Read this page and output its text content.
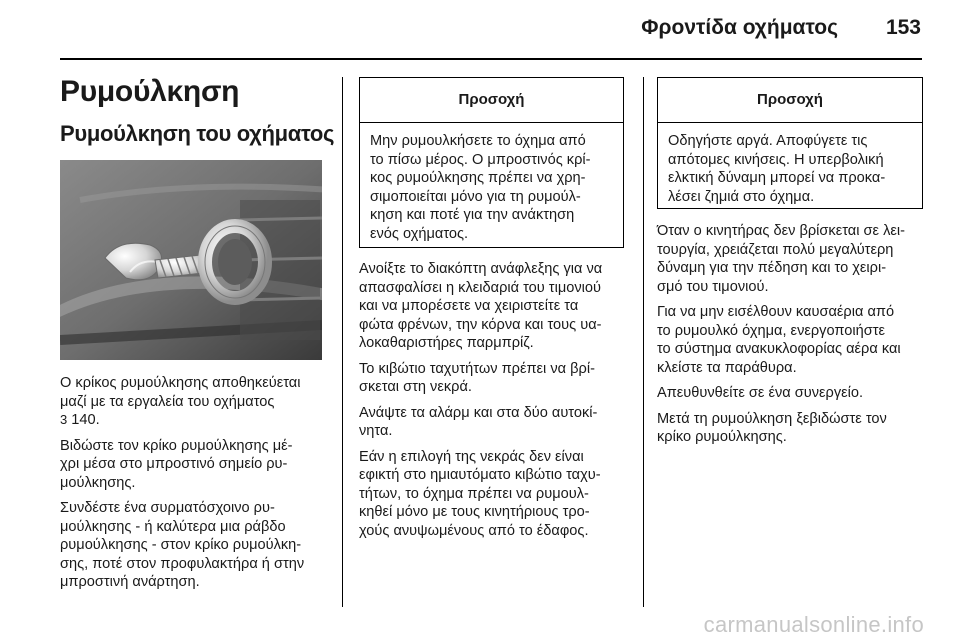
Φροντίδα οχήματος 153
Ρυμούλκηση
Ρυμούλκηση του οχήματος

Ο κρίκος ρυμούλκησης αποθηκεύεται
μαζί με τα εργαλεία του οχήματος
3 140.

Βιδώστε τον κρίκο ρυμούλκησης μέ-
χρι μέσα στο μπροστινό σημείο ρυ-
μούλκησης.

Συνδέστε ένα συρματόσχοινο ρυ-
μούλκησης - ή καλύτερα μια ράβδο
ρυμούλκησης - στον κρίκο ρυμούλκη-
σης, ποτέ στον προφυλακτήρα ή στην
μπροστινή ανάρτηση.

Προσοχή
Μην ρυμουλκήσετε το όχημα από
το πίσω μέρος. Ο μπροστινός κρί-
κος ρυμούλκησης πρέπει να χρη-
σιμοποιείται μόνο για τη ρυμούλ-
κηση και ποτέ για την ανάκτηση
ενός οχήματος.

Ανοίξτε το διακόπτη ανάφλεξης για να
απασφαλίσει η κλειδαριά του τιμονιού
και να μπορέσετε να χειριστείτε τα
φώτα φρένων, την κόρνα και τους υα-
λοκαθαριστήρες παρμπρίζ.

Το κιβώτιο ταχυτήτων πρέπει να βρί-
σκεται στη νεκρά.

Ανάψτε τα αλάρμ και στα δύο αυτοκί-
νητα.

Εάν η επιλογή της νεκράς δεν είναι
εφικτή στο ημιαυτόματο κιβώτιο ταχυ-
τήτων, το όχημα πρέπει να ρυμουλ-
κηθεί μόνο με τους κινητήριους τρο-
χούς ανυψωμένους από το έδαφος.

Προσοχή
Οδηγήστε αργά. Αποφύγετε τις
απότομες κινήσεις. Η υπερβολική
ελκτική δύναμη μπορεί να προκα-
λέσει ζημιά στο όχημα.

Όταν ο κινητήρας δεν βρίσκεται σε λει-
τουργία, χρειάζεται πολύ μεγαλύτερη
δύναμη για την πέδηση και το χειρι-
σμό του τιμονιού.

Για να μην εισέλθουν καυσαέρια από
το ρυμουλκό όχημα, ενεργοποιήστε
το σύστημα ανακυκλοφορίας αέρα και
κλείστε τα παράθυρα.

Απευθυνθείτε σε ένα συνεργείο.

Μετά τη ρυμούλκηση ξεβιδώστε τον
κρίκο ρυμούλκησης.

carmanualsonline.info
